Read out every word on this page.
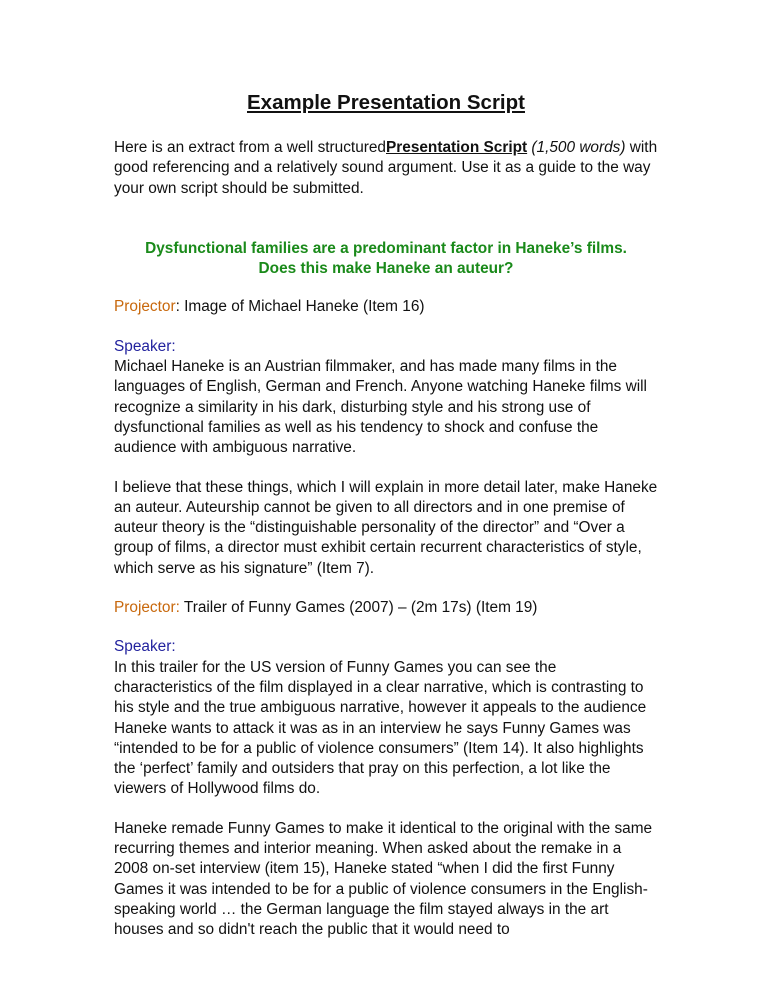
Example Presentation Script

Here is an extract from a well structuredPresentation Script (1,500 words) with good referencing and a relatively sound argument. Use it as a guide to the way your own script should be submitted.

Dysfunctional families are a predominant factor in Haneke’s films.
Does this make Haneke an auteur?

Projector: Image of Michael Haneke (Item 16)

Speaker:
Michael Haneke is an Austrian filmmaker, and has made many films in the languages of English, German and French. Anyone watching Haneke films will recognize a similarity in his dark, disturbing style and his strong use of dysfunctional families as well as his tendency to shock and confuse the audience with ambiguous narrative.

I believe that these things, which I will explain in more detail later, make Haneke an auteur. Auteurship cannot be given to all directors and in one premise of auteur theory is the “distinguishable personality of the director” and “Over a group of films, a director must exhibit certain recurrent characteristics of style, which serve as his signature” (Item 7).

Projector: Trailer of Funny Games (2007) – (2m 17s) (Item 19)

Speaker:
In this trailer for the US version of Funny Games you can see the characteristics of the film displayed in a clear narrative, which is contrasting to his style and the true ambiguous narrative, however it appeals to the audience Haneke wants to attack it was as in an interview he says Funny Games was “intended to be for a public of violence consumers” (Item 14). It also highlights the ‘perfect’ family and outsiders that pray on this perfection, a lot like the viewers of Hollywood films do.

Haneke remade Funny Games to make it identical to the original with the same recurring themes and interior meaning. When asked about the remake in a 2008 on-set interview (item 15), Haneke stated “when I did the first Funny Games it was intended to be for a public of violence consumers in the English-speaking world … the German language the film stayed always in the art houses and so didn't reach the public that it would need to
